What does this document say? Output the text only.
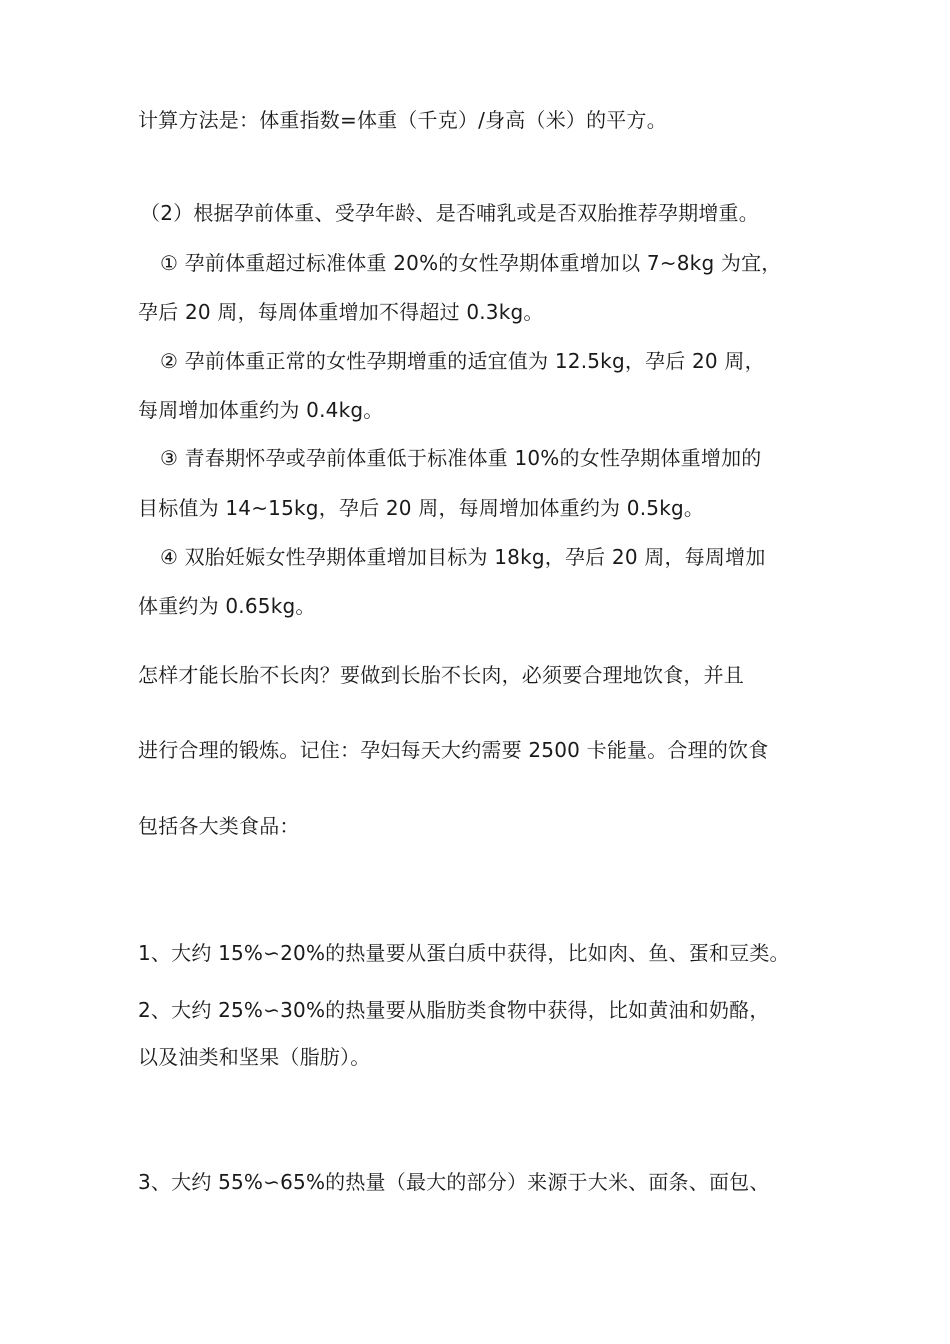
计算方法是：体重指数=体重（千克）/身高（米）的平方。

（2）根据孕前体重、受孕年龄、是否哺乳或是否双胎推荐孕期增重。

① 孕前体重超过标准体重 20%的女性孕期体重增加以 7~8kg 为宜，

孕后 20 周，每周体重增加不得超过 0.3kg。

② 孕前体重正常的女性孕期增重的适宜值为 12.5kg，孕后 20 周，

每周增加体重约为 0.4kg。

③ 青春期怀孕或孕前体重低于标准体重 10%的女性孕期体重增加的

目标值为 14~15kg，孕后 20 周，每周增加体重约为 0.5kg。

④ 双胎妊娠女性孕期体重增加目标为 18kg，孕后 20 周，每周增加

体重约为 0.65kg。

怎样才能长胎不长肉？要做到长胎不长肉，必须要合理地饮食，并且

进行合理的锻炼。记住：孕妇每天大约需要 2500 卡能量。合理的饮食

包括各大类食品：

1、大约 15%∽20%的热量要从蛋白质中获得，比如肉、鱼、蛋和豆类。

2、大约 25%∽30%的热量要从脂肪类食物中获得，比如黄油和奶酪，

以及油类和坚果（脂肪）。

3、大约 55%∽65%的热量（最大的部分）来源于大米、面条、面包、
